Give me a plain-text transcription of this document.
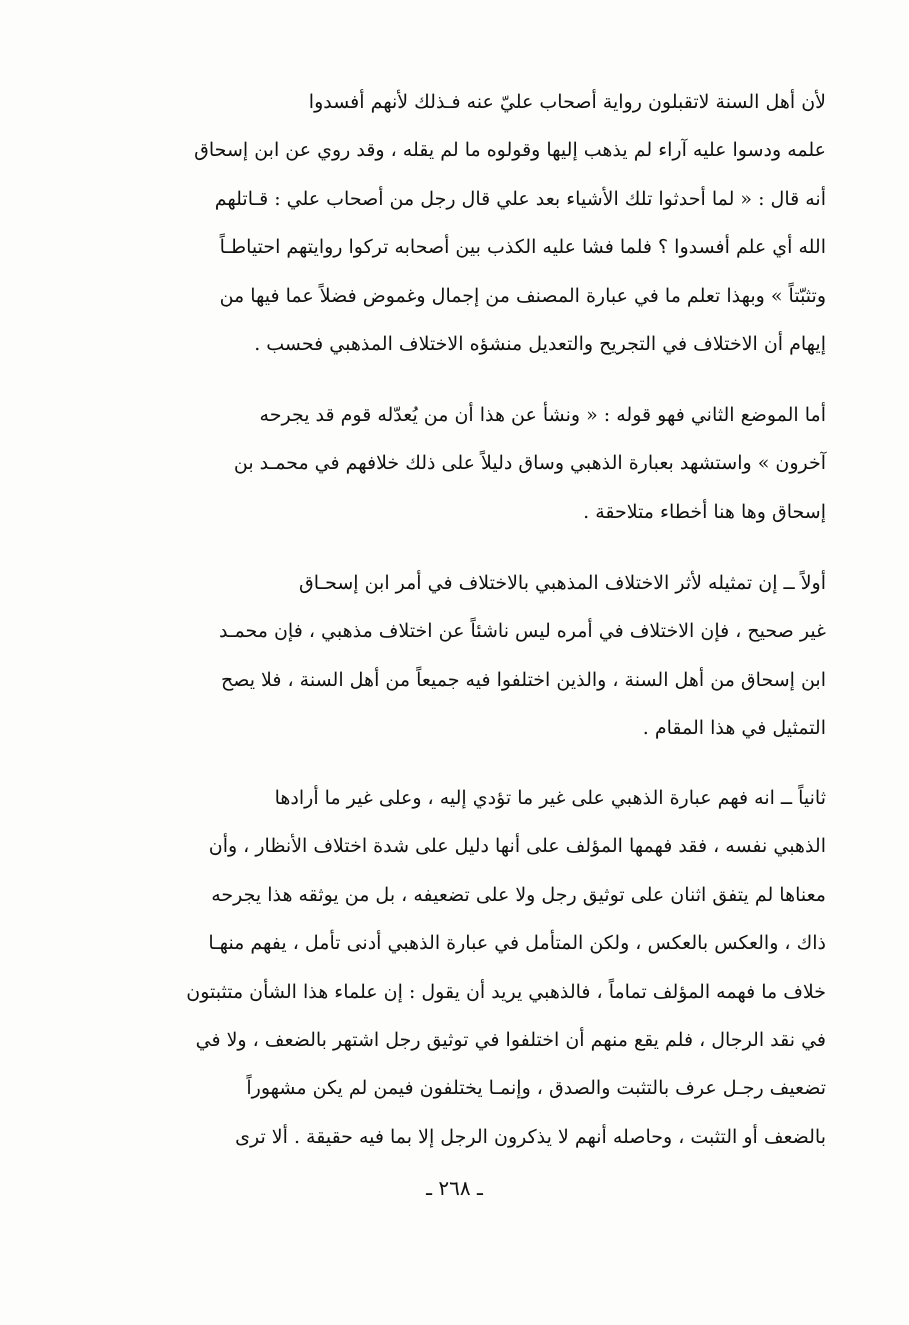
لأن أهل السنة لاتقبلون رواية أصحاب عليّ عنه فـذلك لأنهم أفسدوا
علمه ودسوا عليه آراء لم يذهب إليها وقولوه ما لم يقله ، وقد روي عن ابن إسحاق
أنه قال : « لما أحدثوا تلك الأشياء بعد علي قال رجل من أصحاب علي : قـاتلهم
الله أي علم أفسدوا ؟ فلما فشا عليه الكذب بين أصحابه تركوا روايتهم احتياطـاً
وتثبّتاً » وبهذا تعلم ما في عبارة المصنف من إجمال وغموض فضلاً عما فيها من
إيهام أن الاختلاف في التجريح والتعديل منشؤه الاختلاف المذهبي فحسب .
أما الموضع الثاني فهو قوله : « ونشأ عن هذا أن من يُعدّله قوم قد يجرحه
آخرون » واستشهد بعبارة الذهبي وساق دليلاً على ذلك خلافهم في محمـد بن
إسحاق وها هنا أخطاء متلاحقة .
أولاً ــ إن تمثيله لأثر الاختلاف المذهبي بالاختلاف في أمر ابن إسحـاق
غير صحيح ، فإن الاختلاف في أمره ليس ناشئاً عن اختلاف مذهبي ، فإن محمـد
ابن إسحاق من أهل السنة ، والذين اختلفوا فيه جميعاً من أهل السنة ، فلا يصح
التمثيل في هذا المقام .
ثانياً ــ انه فهم عبارة الذهبي على غير ما تؤدي إليه ، وعلى غير ما أرادها
الذهبي نفسه ، فقد فهمها المؤلف على أنها دليل على شدة اختلاف الأنظار ، وأن
معناها لم يتفق اثنان على توثيق رجل ولا على تضعيفه ، بل من يوثقه هذا يجرحه
ذاك ، والعكس بالعكس ، ولكن المتأمل في عبارة الذهبي أدنى تأمل ، يفهم منهـا
خلاف ما فهمه المؤلف تماماً ، فالذهبي يريد أن يقول : إن علماء هذا الشأن متثبتون
في نقد الرجال ، فلم يقع منهم أن اختلفوا في توثيق رجل اشتهر بالضعف ، ولا في
تضعيف رجـل عرف بالتثبت والصدق ، وإنمـا يختلفون فيمن لم يكن مشهوراً
بالضعف أو التثبت ، وحاصله أنهم لا يذكرون الرجل إلا بما فيه حقيقة . ألا ترى
ـ ٢٦٨ ـ
